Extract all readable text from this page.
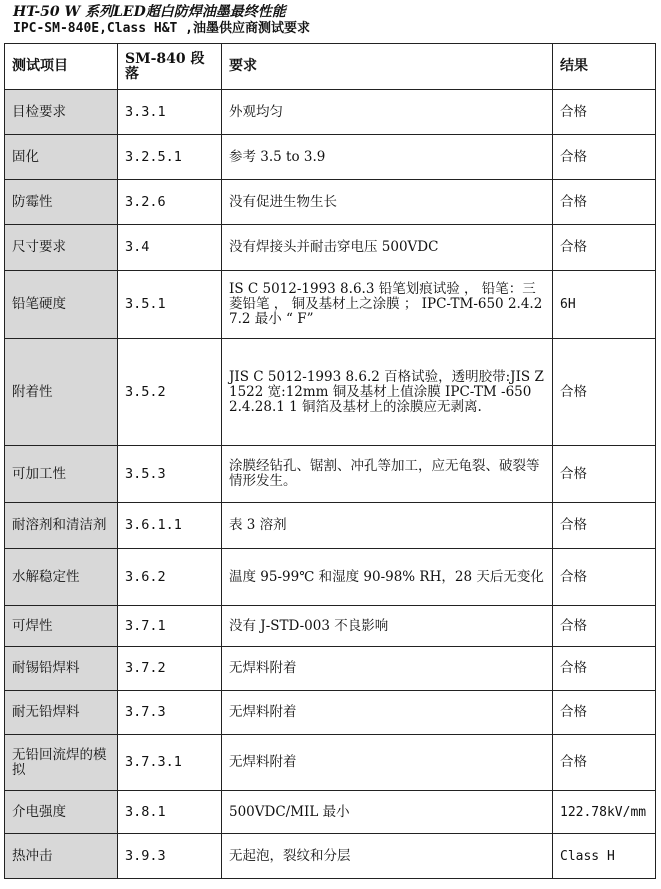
HT-50 W 系列LED超白防焊油墨最终性能
IPC-SM-840E,Class H&T ,油墨供应商测试要求
测试项目	SM-840 段落	要求	结果
目检要求	3.3.1	外观均匀	合格
固化	3.2.5.1	参考 3.5 to 3.9	合格
防霉性	3.2.6	没有促进生物生长	合格
尺寸要求	3.4	没有焊接头并耐击穿电压 500VDC	合格
铅笔硬度	3.5.1	IS C 5012-1993 8.6.3 铅笔划痕试验 ， 铅笔：三菱铅笔 ， 铜及基材上之涂膜 ； IPC-TM-650 2.4.27.2 最小 “ F”	6H
附着性	3.5.2	JIS C 5012-1993 8.6.2 百格试验，透明胶带:JIS Z 1522 宽:12mm 铜及基材上值涂膜 IPC-TM -650 2.4.28.1 1 铜箔及基材上的涂膜应无剥离.	合格
可加工性	3.5.3	涂膜经钻孔、锯割、冲孔等加工，应无龟裂、破裂等情形发生。	合格
耐溶剂和清洁剂	3.6.1.1	表 3 溶剂	合格
水解稳定性	3.6.2	温度 95-99℃ 和湿度 90-98% RH，28 天后无变化	合格
可焊性	3.7.1	没有 J-STD-003 不良影响	合格
耐锡铅焊料	3.7.2	无焊料附着	合格
耐无铅焊料	3.7.3	无焊料附着	合格
无铅回流焊的模拟	3.7.3.1	无焊料附着	合格
介电强度	3.8.1	500VDC/MIL 最小	122.78kV/mm
热冲击	3.9.3	无起泡，裂纹和分层	Class H
